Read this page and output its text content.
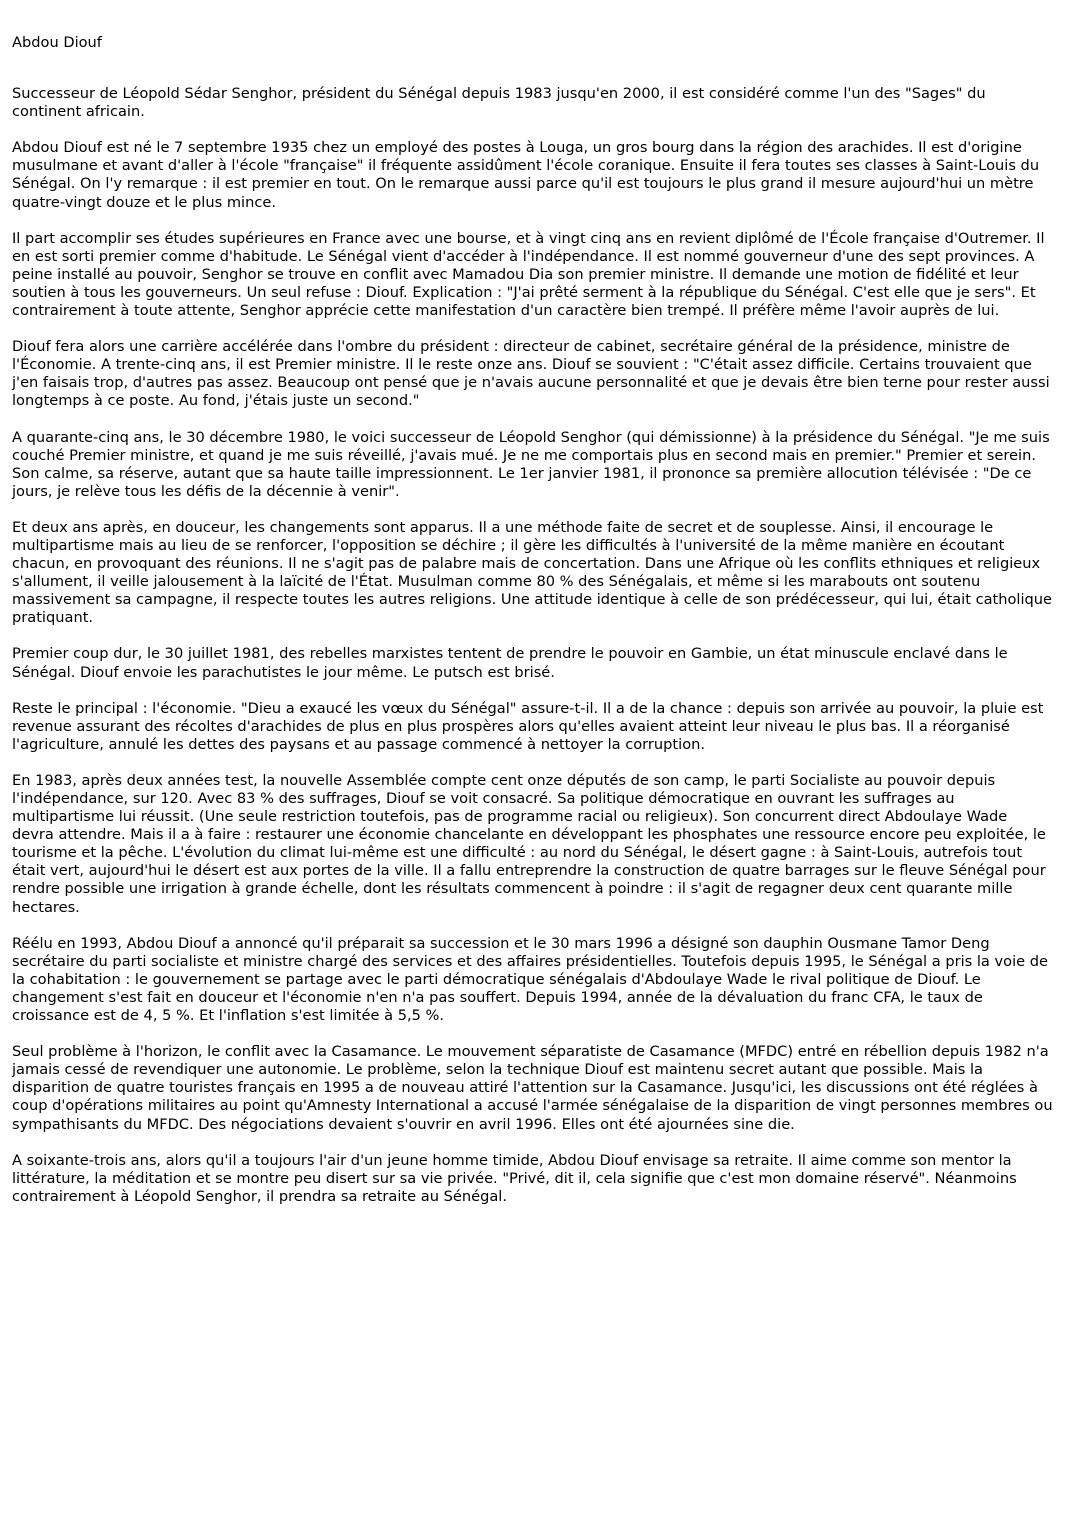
Abdou Diouf

Successeur de Léopold Sédar Senghor, président du Sénégal depuis 1983 jusqu'en 2000, il est considéré comme l'un des "Sages" du continent africain.

Abdou Diouf est né le 7 septembre 1935 chez un employé des postes à Louga, un gros bourg dans la région des arachides. Il est d'origine musulmane et avant d'aller à l'école "française" il fréquente assidûment l'école coranique. Ensuite il fera toutes ses classes à Saint-Louis du Sénégal. On l'y remarque : il est premier en tout. On le remarque aussi parce qu'il est toujours le plus grand il mesure aujourd'hui un mètre quatre-vingt douze et le plus mince.

Il part accomplir ses études supérieures en France avec une bourse, et à vingt cinq ans en revient diplômé de l'École française d'Outremer. Il en est sorti premier comme d'habitude. Le Sénégal vient d'accéder à l'indépendance. Il est nommé gouverneur d'une des sept provinces. A peine installé au pouvoir, Senghor se trouve en conflit avec Mamadou Dia son premier ministre. Il demande une motion de fidélité et leur soutien à tous les gouverneurs. Un seul refuse : Diouf. Explication : "J'ai prêté serment à la république du Sénégal. C'est elle que je sers". Et contrairement à toute attente, Senghor apprécie cette manifestation d'un caractère bien trempé. Il préfère même l'avoir auprès de lui.

Diouf fera alors une carrière accélérée dans l'ombre du président : directeur de cabinet, secrétaire général de la présidence, ministre de l'Économie. A trente-cinq ans, il est Premier ministre. Il le reste onze ans. Diouf se souvient : "C'était assez difficile. Certains trouvaient que j'en faisais trop, d'autres pas assez. Beaucoup ont pensé que je n'avais aucune personnalité et que je devais être bien terne pour rester aussi longtemps à ce poste. Au fond, j'étais juste un second."

A quarante-cinq ans, le 30 décembre 1980, le voici successeur de Léopold Senghor (qui démissionne) à la présidence du Sénégal. "Je me suis couché Premier ministre, et quand je me suis réveillé, j'avais mué. Je ne me comportais plus en second mais en premier." Premier et serein. Son calme, sa réserve, autant que sa haute taille impressionnent. Le 1er janvier 1981, il prononce sa première allocution télévisée : "De ce jours, je relève tous les défis de la décennie à venir".

Et deux ans après, en douceur, les changements sont apparus. Il a une méthode faite de secret et de souplesse. Ainsi, il encourage le multipartisme mais au lieu de se renforcer, l'opposition se déchire ; il gère les difficultés à l'université de la même manière en écoutant chacun, en provoquant des réunions. Il ne s'agit pas de palabre mais de concertation. Dans une Afrique où les conflits ethniques et religieux s'allument, il veille jalousement à la laïcité de l'État. Musulman comme 80 % des Sénégalais, et même si les marabouts ont soutenu massivement sa campagne, il respecte toutes les autres religions. Une attitude identique à celle de son prédécesseur, qui lui, était catholique pratiquant.

Premier coup dur, le 30 juillet 1981, des rebelles marxistes tentent de prendre le pouvoir en Gambie, un état minuscule enclavé dans le Sénégal. Diouf envoie les parachutistes le jour même. Le putsch est brisé.

Reste le principal : l'économie. "Dieu a exaucé les vœux du Sénégal" assure-t-il. Il a de la chance : depuis son arrivée au pouvoir, la pluie est revenue assurant des récoltes d'arachides de plus en plus prospères alors qu'elles avaient atteint leur niveau le plus bas. Il a réorganisé l'agriculture, annulé les dettes des paysans et au passage commencé à nettoyer la corruption.

En 1983, après deux années test, la nouvelle Assemblée compte cent onze députés de son camp, le parti Socialiste au pouvoir depuis l'indépendance, sur 120. Avec 83 % des suffrages, Diouf se voit consacré. Sa politique démocratique en ouvrant les suffrages au multipartisme lui réussit. (Une seule restriction toutefois, pas de programme racial ou religieux). Son concurrent direct Abdoulaye Wade devra attendre. Mais il a à faire : restaurer une économie chancelante en développant les phosphates une ressource encore peu exploitée, le tourisme et la pêche. L'évolution du climat lui-même est une difficulté : au nord du Sénégal, le désert gagne : à Saint-Louis, autrefois tout était vert, aujourd'hui le désert est aux portes de la ville. Il a fallu entreprendre la construction de quatre barrages sur le fleuve Sénégal pour rendre possible une irrigation à grande échelle, dont les résultats commencent à poindre : il s'agit de regagner deux cent quarante mille hectares.

Réélu en 1993, Abdou Diouf a annoncé qu'il préparait sa succession et le 30 mars 1996 a désigné son dauphin Ousmane Tamor Deng secrétaire du parti socialiste et ministre chargé des services et des affaires présidentielles. Toutefois depuis 1995, le Sénégal a pris la voie de la cohabitation : le gouvernement se partage avec le parti démocratique sénégalais d'Abdoulaye Wade le rival politique de Diouf. Le changement s'est fait en douceur et l'économie n'en n'a pas souffert. Depuis 1994, année de la dévaluation du franc CFA, le taux de croissance est de 4, 5 %. Et l'inflation s'est limitée à 5,5 %.

Seul problème à l'horizon, le conflit avec la Casamance. Le mouvement séparatiste de Casamance (MFDC) entré en rébellion depuis 1982 n'a jamais cessé de revendiquer une autonomie. Le problème, selon la technique Diouf est maintenu secret autant que possible. Mais la disparition de quatre touristes français en 1995 a de nouveau attiré l'attention sur la Casamance. Jusqu'ici, les discussions ont été réglées à coup d'opérations militaires au point qu'Amnesty International a accusé l'armée sénégalaise de la disparition de vingt personnes membres ou sympathisants du MFDC. Des négociations devaient s'ouvrir en avril 1996. Elles ont été ajournées sine die.

A soixante-trois ans, alors qu'il a toujours l'air d'un jeune homme timide, Abdou Diouf envisage sa retraite. Il aime comme son mentor la littérature, la méditation et se montre peu disert sur sa vie privée. "Privé, dit il, cela signifie que c'est mon domaine réservé". Néanmoins contrairement à Léopold Senghor, il prendra sa retraite au Sénégal.
